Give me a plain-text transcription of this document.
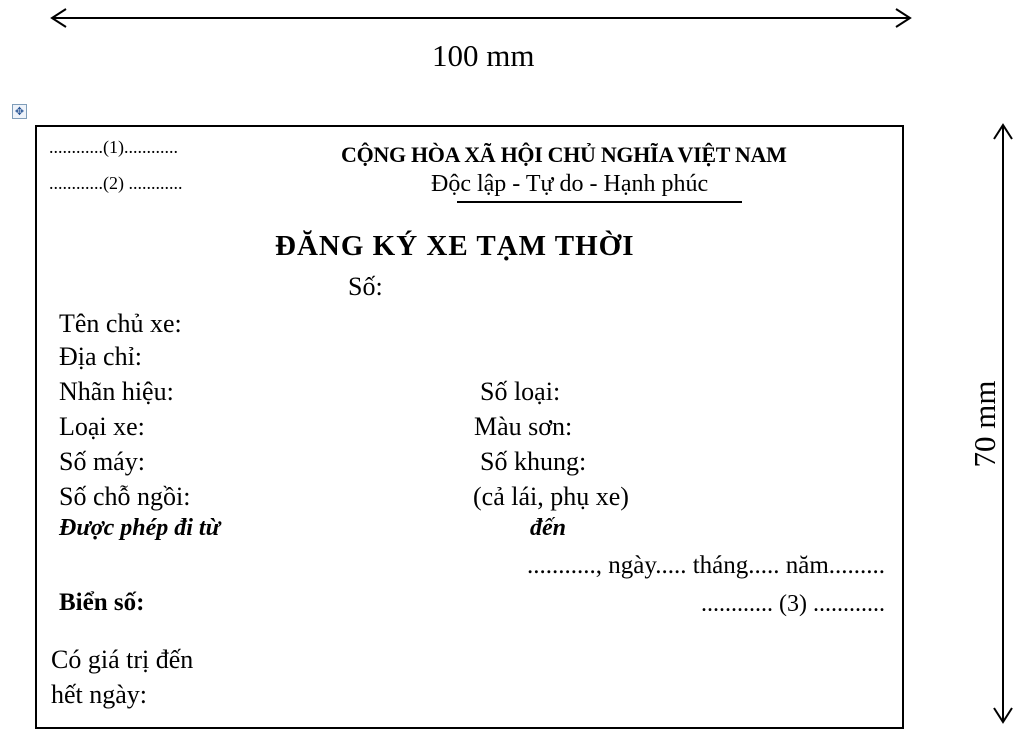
100 mm
70 mm
✥
............(1)............
............(2) ............
CỘNG HÒA XÃ HỘI CHỦ NGHĨA VIỆT NAM
Độc lập - Tự do - Hạnh phúc
ĐĂNG KÝ XE TẠM THỜI
Số:
Tên chủ xe:
Địa chỉ:
Nhãn hiệu:	Số loại:
Loại xe:	Màu sơn:
Số máy:	Số khung:
Số chỗ ngồi:	(cả lái, phụ xe)
Được phép đi từ	đến
..........., ngày..... tháng..... năm.........
Biển số:	............ (3) ............
Có giá trị đến
hết ngày:
